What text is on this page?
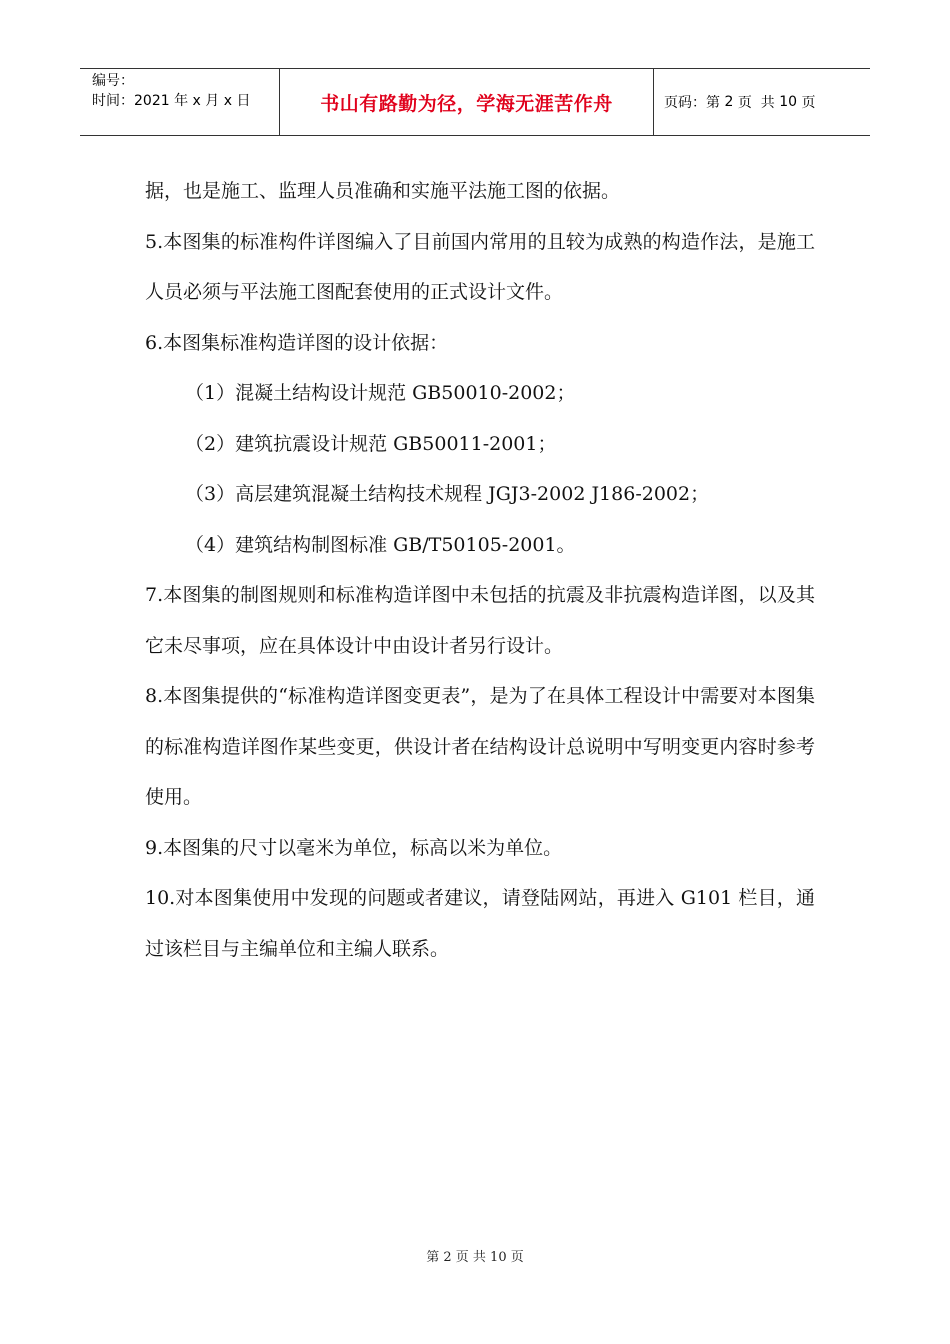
编号：
时间：2021 年 x 月 x 日	书山有路勤为径，学海无涯苦作舟	页码：第 2 页  共 10 页

据，也是施工、监理人员准确和实施平法施工图的依据。

5.本图集的标准构件详图编入了目前国内常用的且较为成熟的构造作法，是施工人员必须与平法施工图配套使用的正式设计文件。

6.本图集标准构造详图的设计依据：

（1）混凝土结构设计规范 GB50010-2002；

（2）建筑抗震设计规范 GB50011-2001；

（3）高层建筑混凝土结构技术规程 JGJ3-2002 J186-2002；

（4）建筑结构制图标准 GB/T50105-2001。

7.本图集的制图规则和标准构造详图中未包括的抗震及非抗震构造详图，以及其它未尽事项，应在具体设计中由设计者另行设计。

8.本图集提供的“标准构造详图变更表”，是为了在具体工程设计中需要对本图集的标准构造详图作某些变更，供设计者在结构设计总说明中写明变更内容时参考使用。

9.本图集的尺寸以毫米为单位，标高以米为单位。

10.对本图集使用中发现的问题或者建议，请登陆网站，再进入 G101 栏目，通过该栏目与主编单位和主编人联系。

第 2 页 共 10 页
